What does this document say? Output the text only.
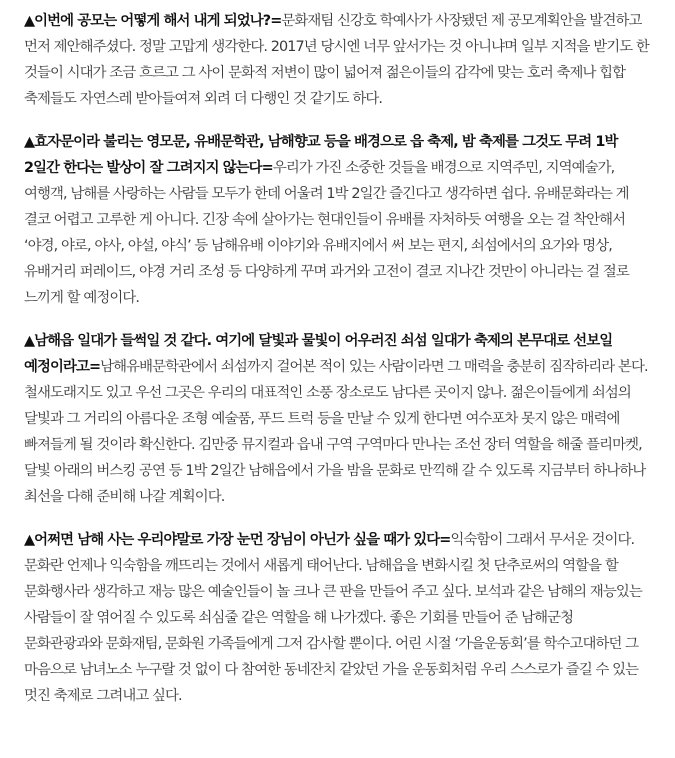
▲이번에 공모는 어떻게 해서 내게 되었나?=문화재팀 신강호 학예사가 사장됐던 제 공모계획안을 발견하고 먼저 제안해주셨다. 정말 고맙게 생각한다. 2017년 당시엔 너무 앞서가는 것 아니냐며 일부 지적을 받기도 한 것들이 시대가 조금 흐르고 그 사이 문화적 저변이 많이 넓어져 젊은이들의 감각에 맞는 호러 축제나 힙합 축제들도 자연스레 받아들여져 외려 더 다행인 것 같기도 하다.

▲효자문이라 불리는 영모문, 유배문학관, 남해향교 등을 배경으로 읍 축제, 밤 축제를 그것도 무려 1박 2일간 한다는 발상이 잘 그려지지 않는다=우리가 가진 소중한 것들을 배경으로 지역주민, 지역예술가, 여행객, 남해를 사랑하는 사람들 모두가 한데 어울려 1박 2일간 즐긴다고 생각하면 쉽다. 유배문화라는 게 결코 어렵고 고루한 게 아니다. 긴장 속에 살아가는 현대인들이 유배를 자처하듯 여행을 오는 걸 착안해서 ‘야경, 야로, 야사, 야설, 야식’ 등 남해유배 이야기와 유배지에서 써 보는 편지, 쇠섬에서의 요가와 명상, 유배거리 퍼레이드, 야경 거리 조성 등 다양하게 꾸며 과거와 고전이 결코 지나간 것만이 아니라는 걸 절로 느끼게 할 예정이다.

▲남해읍 일대가 들썩일 것 같다. 여기에 달빛과 물빛이 어우러진 쇠섬 일대가 축제의 본무대로 선보일 예정이라고=남해유배문학관에서 쇠섬까지 걸어본 적이 있는 사람이라면 그 매력을 충분히 짐작하리라 본다. 철새도래지도 있고 우선 그곳은 우리의 대표적인 소풍 장소로도 남다른 곳이지 않나. 젊은이들에게 쇠섬의 달빛과 그 거리의 아름다운 조형 예술품, 푸드 트럭 등을 만날 수 있게 한다면 여수포차 못지 않은 매력에 빠져들게 될 것이라 확신한다. 김만중 뮤지컬과 읍내 구역 구역마다 만나는 조선 장터 역할을 해줄 플리마켓, 달빛 아래의 버스킹 공연 등 1박 2일간 남해읍에서 가을 밤을 문화로 만끽해 갈 수 있도록 지금부터 하나하나 최선을 다해 준비해 나갈 계획이다.

▲어쩌면 남해 사는 우리야말로 가장 눈먼 장님이 아닌가 싶을 때가 있다=익숙함이 그래서 무서운 것이다. 문화란 언제나 익숙함을 깨뜨리는 것에서 새롭게 태어난다. 남해읍을 변화시킬 첫 단추로써의 역할을 할 문화행사라 생각하고 재능 많은 예술인들이 놀 크나 큰 판을 만들어 주고 싶다. 보석과 같은 남해의 재능있는 사람들이 잘 엮어질 수 있도록 쇠심줄 같은 역할을 해 나가겠다. 좋은 기회를 만들어 준 남해군청 문화관광과와 문화재팀, 문화원 가족들에게 그저 감사할 뿐이다. 어린 시절 ‘가을운동회’를 학수고대하던 그 마음으로 남녀노소 누구랄 것 없이 다 참여한 동네잔치 같았던 가을 운동회처럼 우리 스스로가 즐길 수 있는 멋진 축제로 그려내고 싶다.
